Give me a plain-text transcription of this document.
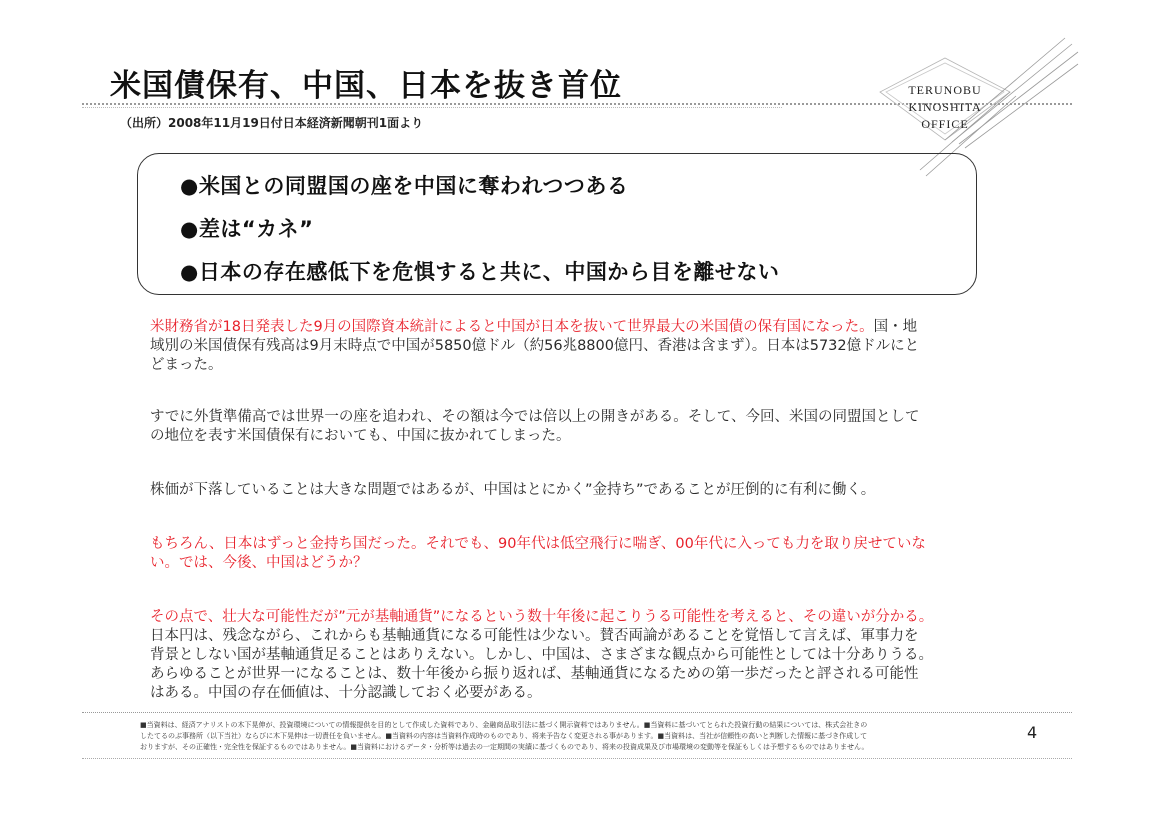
米国債保有、中国、日本を抜き首位
（出所）2008年11月19日付日本経済新聞朝刊1面より
TERUNOBU
KINOSHITA
OFFICE
●米国との同盟国の座を中国に奪われつつある
●差は“カネ”
●日本の存在感低下を危惧すると共に、中国から目を離せない
米財務省が18日発表した9月の国際資本統計によると中国が日本を抜いて世界最大の米国債の保有国になった。国・地
域別の米国債保有残高は9月末時点で中国が5850億ドル（約56兆8800億円、香港は含まず）。日本は5732億ドルにと
どまった。
すでに外貨準備高では世界一の座を追われ、その額は今では倍以上の開きがある。そして、今回、米国の同盟国として
の地位を表す米国債保有においても、中国に抜かれてしまった。
株価が下落していることは大きな問題ではあるが、中国はとにかく”金持ち”であることが圧倒的に有利に働く。
もちろん、日本はずっと金持ち国だった。それでも、90年代は低空飛行に喘ぎ、00年代に入っても力を取り戻せていな
い。では、今後、中国はどうか？
その点で、壮大な可能性だが”元が基軸通貨”になるという数十年後に起こりうる可能性を考えると、その違いが分かる。
日本円は、残念ながら、これからも基軸通貨になる可能性は少ない。賛否両論があることを覚悟して言えば、軍事力を
背景としない国が基軸通貨足ることはありえない。しかし、中国は、さまざまな観点から可能性としては十分ありうる。
あらゆることが世界一になることは、数十年後から振り返れば、基軸通貨になるための第一歩だったと評される可能性
はある。中国の存在価値は、十分認識しておく必要がある。
■当資料は、経済アナリストの木下晃伸が、投資環境についての情報提供を目的として作成した資料であり、金融商品取引法に基づく開示資料ではありません。■当資料に基づいてとられた投資行動の結果については、株式会社きの
したてるのぶ事務所（以下当社）ならびに木下晃伸は一切責任を負いません。■当資料の内容は当資料作成時のものであり、将来予告なく変更される事があります。■当資料は、当社が信頼性の高いと判断した情報に基づき作成して
おりますが、その正確性・完全性を保証するものではありません。■当資料におけるデータ・分析等は過去の一定期間の実績に基づくものであり、将来の投資成果及び市場環境の変動等を保証もしくは予想するものではありません。
4
